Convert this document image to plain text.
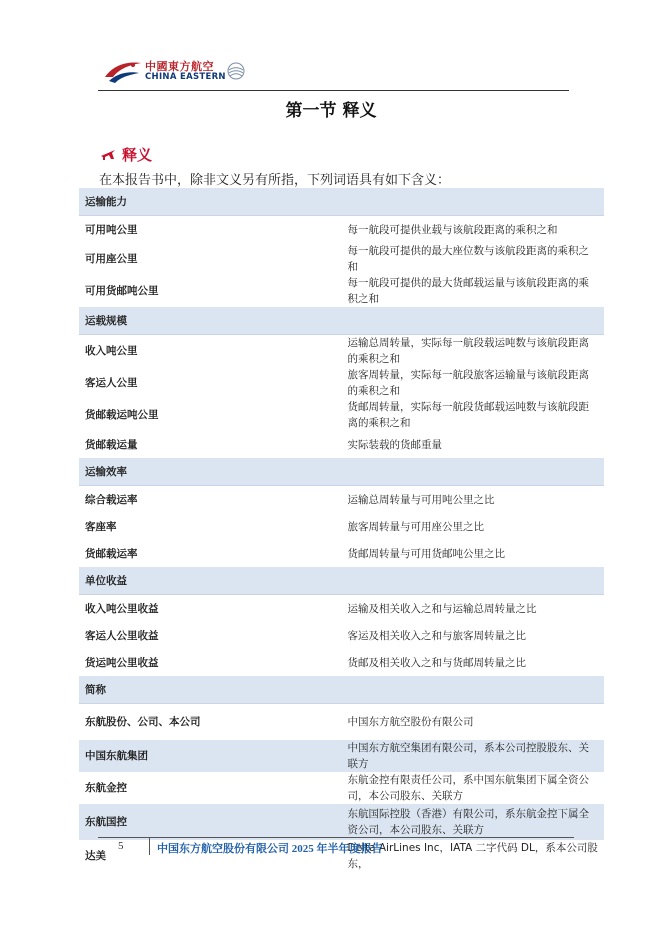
中國東方航空
CHINA EASTERN
第一节 释义
释义
在本报告书中，除非文义另有所指，下列词语具有如下含义：
运输能力	
可用吨公里	每一航段可提供业载与该航段距离的乘积之和
可用座公里	每一航段可提供的最大座位数与该航段距离的乘积之和
可用货邮吨公里	每一航段可提供的最大货邮载运量与该航段距离的乘积之和
运载规模	
收入吨公里	运输总周转量，实际每一航段载运吨数与该航段距离的乘积之和
客运人公里	旅客周转量，实际每一航段旅客运输量与该航段距离的乘积之和
货邮载运吨公里	货邮周转量，实际每一航段货邮载运吨数与该航段距离的乘积之和
货邮载运量	实际装载的货邮重量
运输效率	
综合载运率	运输总周转量与可用吨公里之比
客座率	旅客周转量与可用座公里之比
货邮载运率	货邮周转量与可用货邮吨公里之比
单位收益	
收入吨公里收益	运输及相关收入之和与运输总周转量之比
客运人公里收益	客运及相关收入之和与旅客周转量之比
货运吨公里收益	货邮及相关收入之和与货邮周转量之比
简称	
东航股份、公司、本公司	中国东方航空股份有限公司
中国东航集团	中国东方航空集团有限公司，系本公司控股股东、关联方
东航金控	东航金控有限责任公司，系中国东航集团下属全资公司，本公司股东、关联方
东航国控	东航国际控股（香港）有限公司，系东航金控下属全资公司，本公司股东、关联方
达美	Delta AirLines Inc，IATA 二字代码 DL，系本公司股东，
5	中国东方航空股份有限公司 2025 年半年度报告
